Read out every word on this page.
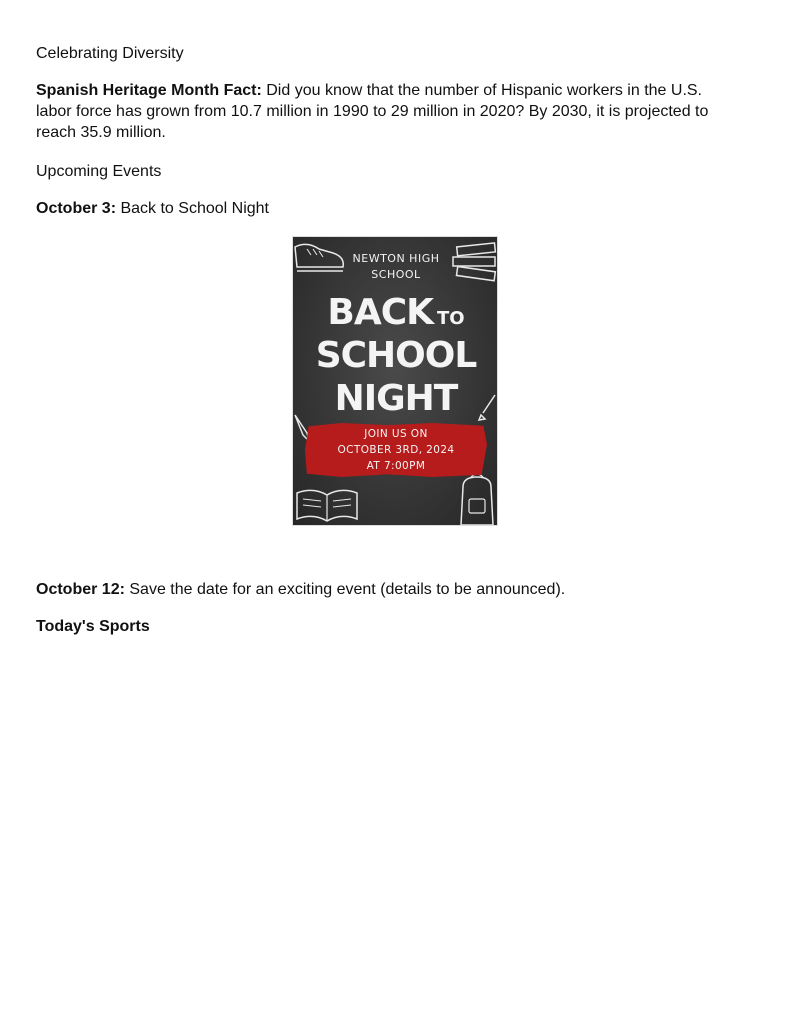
Celebrating Diversity

Spanish Heritage Month Fact: Did you know that the number of Hispanic workers in the U.S. labor force has grown from 10.7 million in 1990 to 29 million in 2020? By 2030, it is projected to reach 35.9 million.

Upcoming Events

October 3: Back to School Night

NEWTON HIGH

SCHOOL

BACK TO

SCHOOL

NIGHT

JOIN US ON

OCTOBER 3RD, 2024

AT 7:00PM

October 12: Save the date for an exciting event (details to be announced).

Today's Sports
